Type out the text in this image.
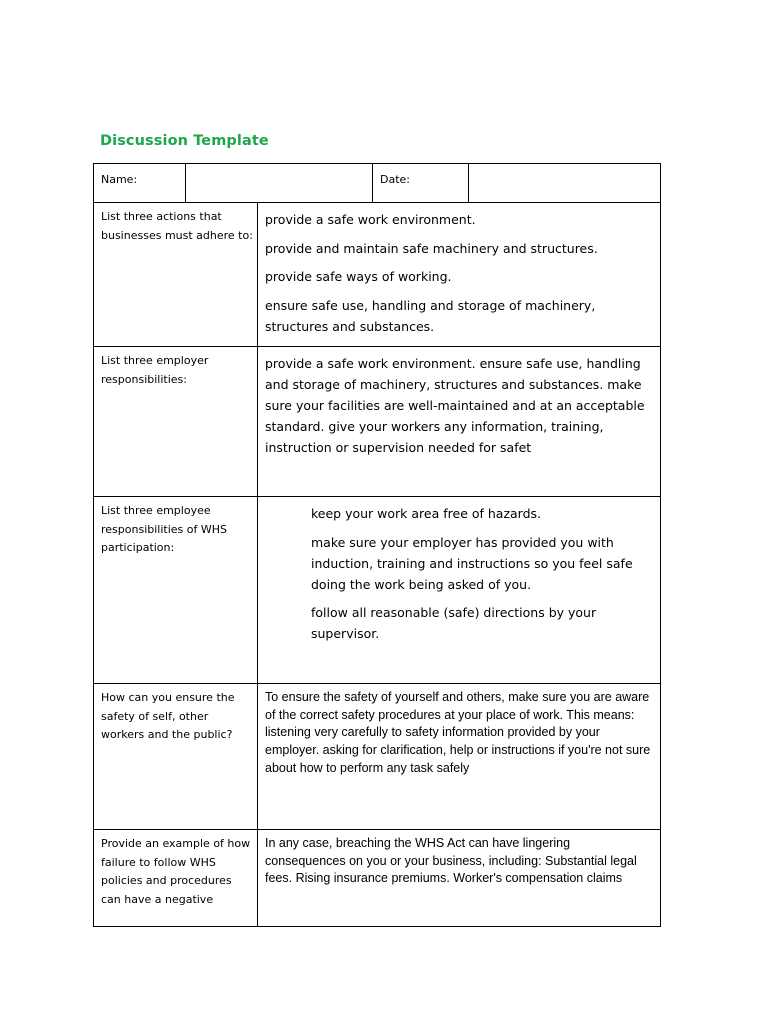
Discussion Template
Name:			Date:	
List three actions that businesses must adhere to:		provide a safe work environment.

provide and maintain safe machinery and structures.

provide safe ways of working.

ensure safe use, handling and storage of machinery, structures and substances.		

List three employer responsibilities:		provide a safe work environment. ensure safe use, handling and storage of machinery, structures and substances. make sure your facilities are well-maintained and at an acceptable standard. give your workers any information, training, instruction or supervision needed for safet		

List three employee responsibilities of WHS participation:		keep your work area free of hazards.

make sure your employer has provided you with induction, training and instructions so you feel safe doing the work being asked of you.

follow all reasonable (safe) directions by your supervisor.		

How can you ensure the safety of self, other workers and the public?		To ensure the safety of yourself and others, make sure you are aware of the correct safety procedures at your place of work. This means: listening very carefully to safety information provided by your employer. asking for clarification, help or instructions if you're not sure about how to perform any task safely		

Provide an example of how failure to follow WHS policies and procedures can have a negative		In any case, breaching the WHS Act can have lingering consequences on you or your business, including: Substantial legal fees. Rising insurance premiums. Worker's compensation claims		
